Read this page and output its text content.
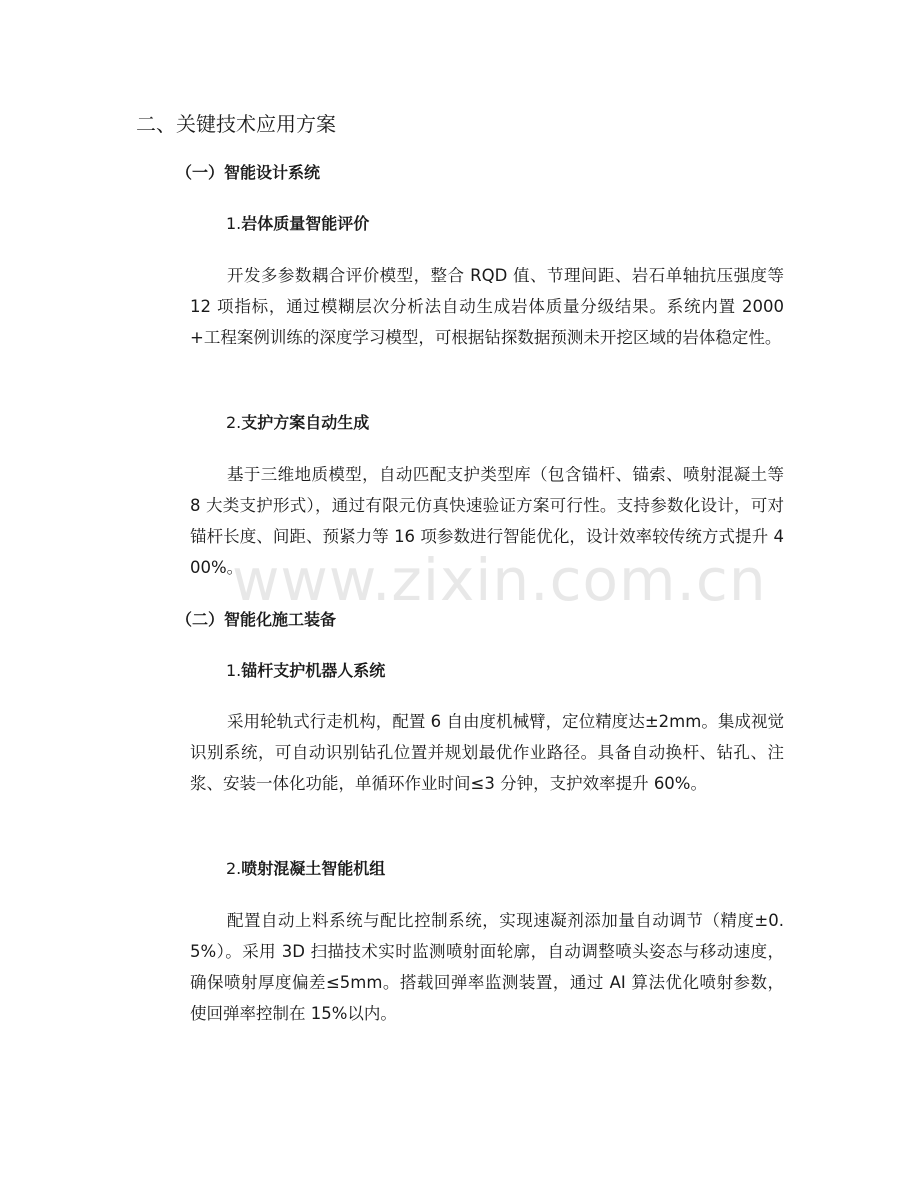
二、关键技术应用方案
（一）智能设计系统
1.岩体质量智能评价

开发多参数耦合评价模型，整合 RQD 值、节理间距、岩石单轴抗压强度等 12 项指标，通过模糊层次分析法自动生成岩体质量分级结果。系统内置 2000+工程案例训练的深度学习模型，可根据钻探数据预测未开挖区域的岩体稳定性。

2.支护方案自动生成

基于三维地质模型，自动匹配支护类型库（包含锚杆、锚索、喷射混凝土等 8 大类支护形式），通过有限元仿真快速验证方案可行性。支持参数化设计，可对锚杆长度、间距、预紧力等 16 项参数进行智能优化，设计效率较传统方式提升 400%。

（二）智能化施工装备
1.锚杆支护机器人系统

采用轮轨式行走机构，配置 6 自由度机械臂，定位精度达±2mm。集成视觉识别系统，可自动识别钻孔位置并规划最优作业路径。具备自动换杆、钻孔、注浆、安装一体化功能，单循环作业时间≤3 分钟，支护效率提升 60%。

2.喷射混凝土智能机组

配置自动上料系统与配比控制系统，实现速凝剂添加量自动调节（精度±0.5%）。采用 3D 扫描技术实时监测喷射面轮廓，自动调整喷头姿态与移动速度，确保喷射厚度偏差≤5mm。搭载回弹率监测装置，通过 AI 算法优化喷射参数，使回弹率控制在 15%以内。

www.zixin.com.cn
